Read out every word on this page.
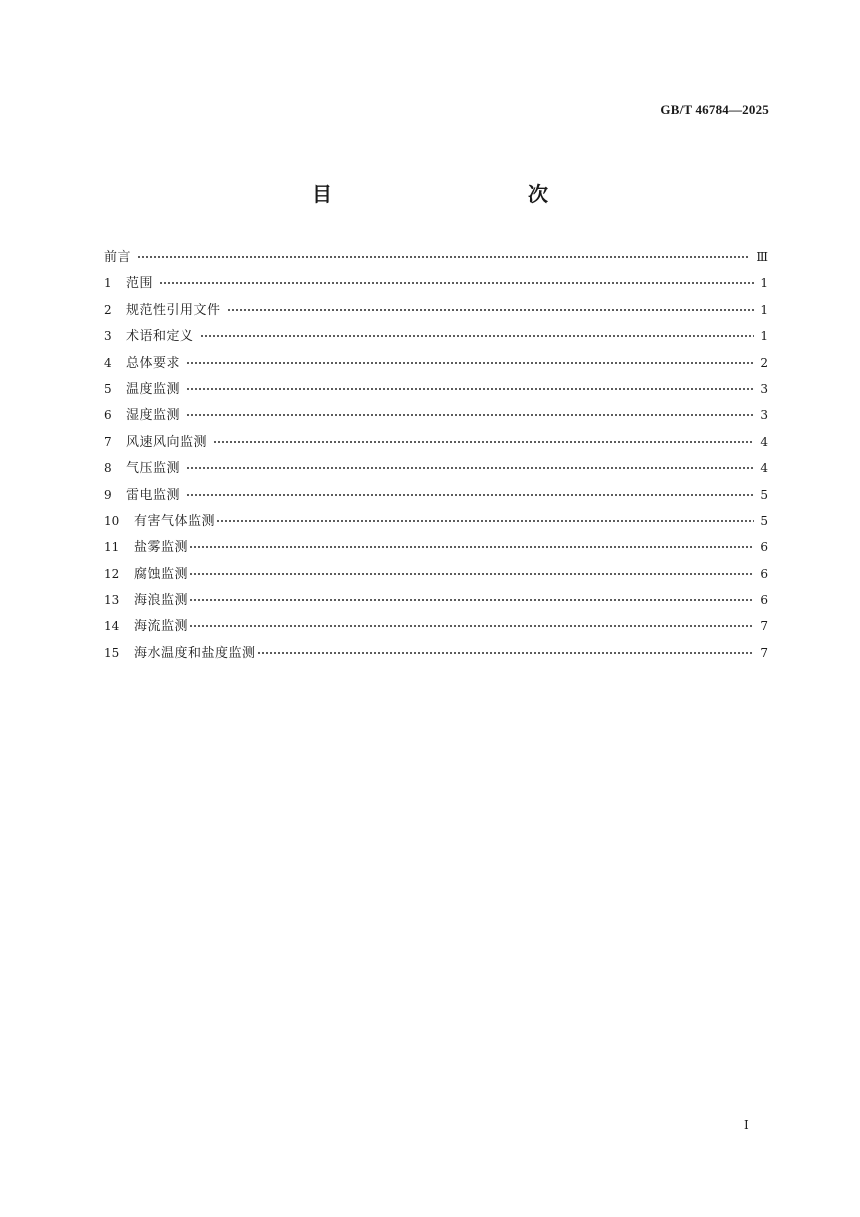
GB/T 46784—2025
目　　次
前言	Ⅲ
1	范围	1
2	规范性引用文件	1
3	术语和定义	1
4	总体要求	2
5	温度监测	3
6	湿度监测	3
7	风速风向监测	4
8	气压监测	4
9	雷电监测	5
10	有害气体监测	5
11	盐雾监测	6
12	腐蚀监测	6
13	海浪监测	6
14	海流监测	7
15	海水温度和盐度监测	7
I
